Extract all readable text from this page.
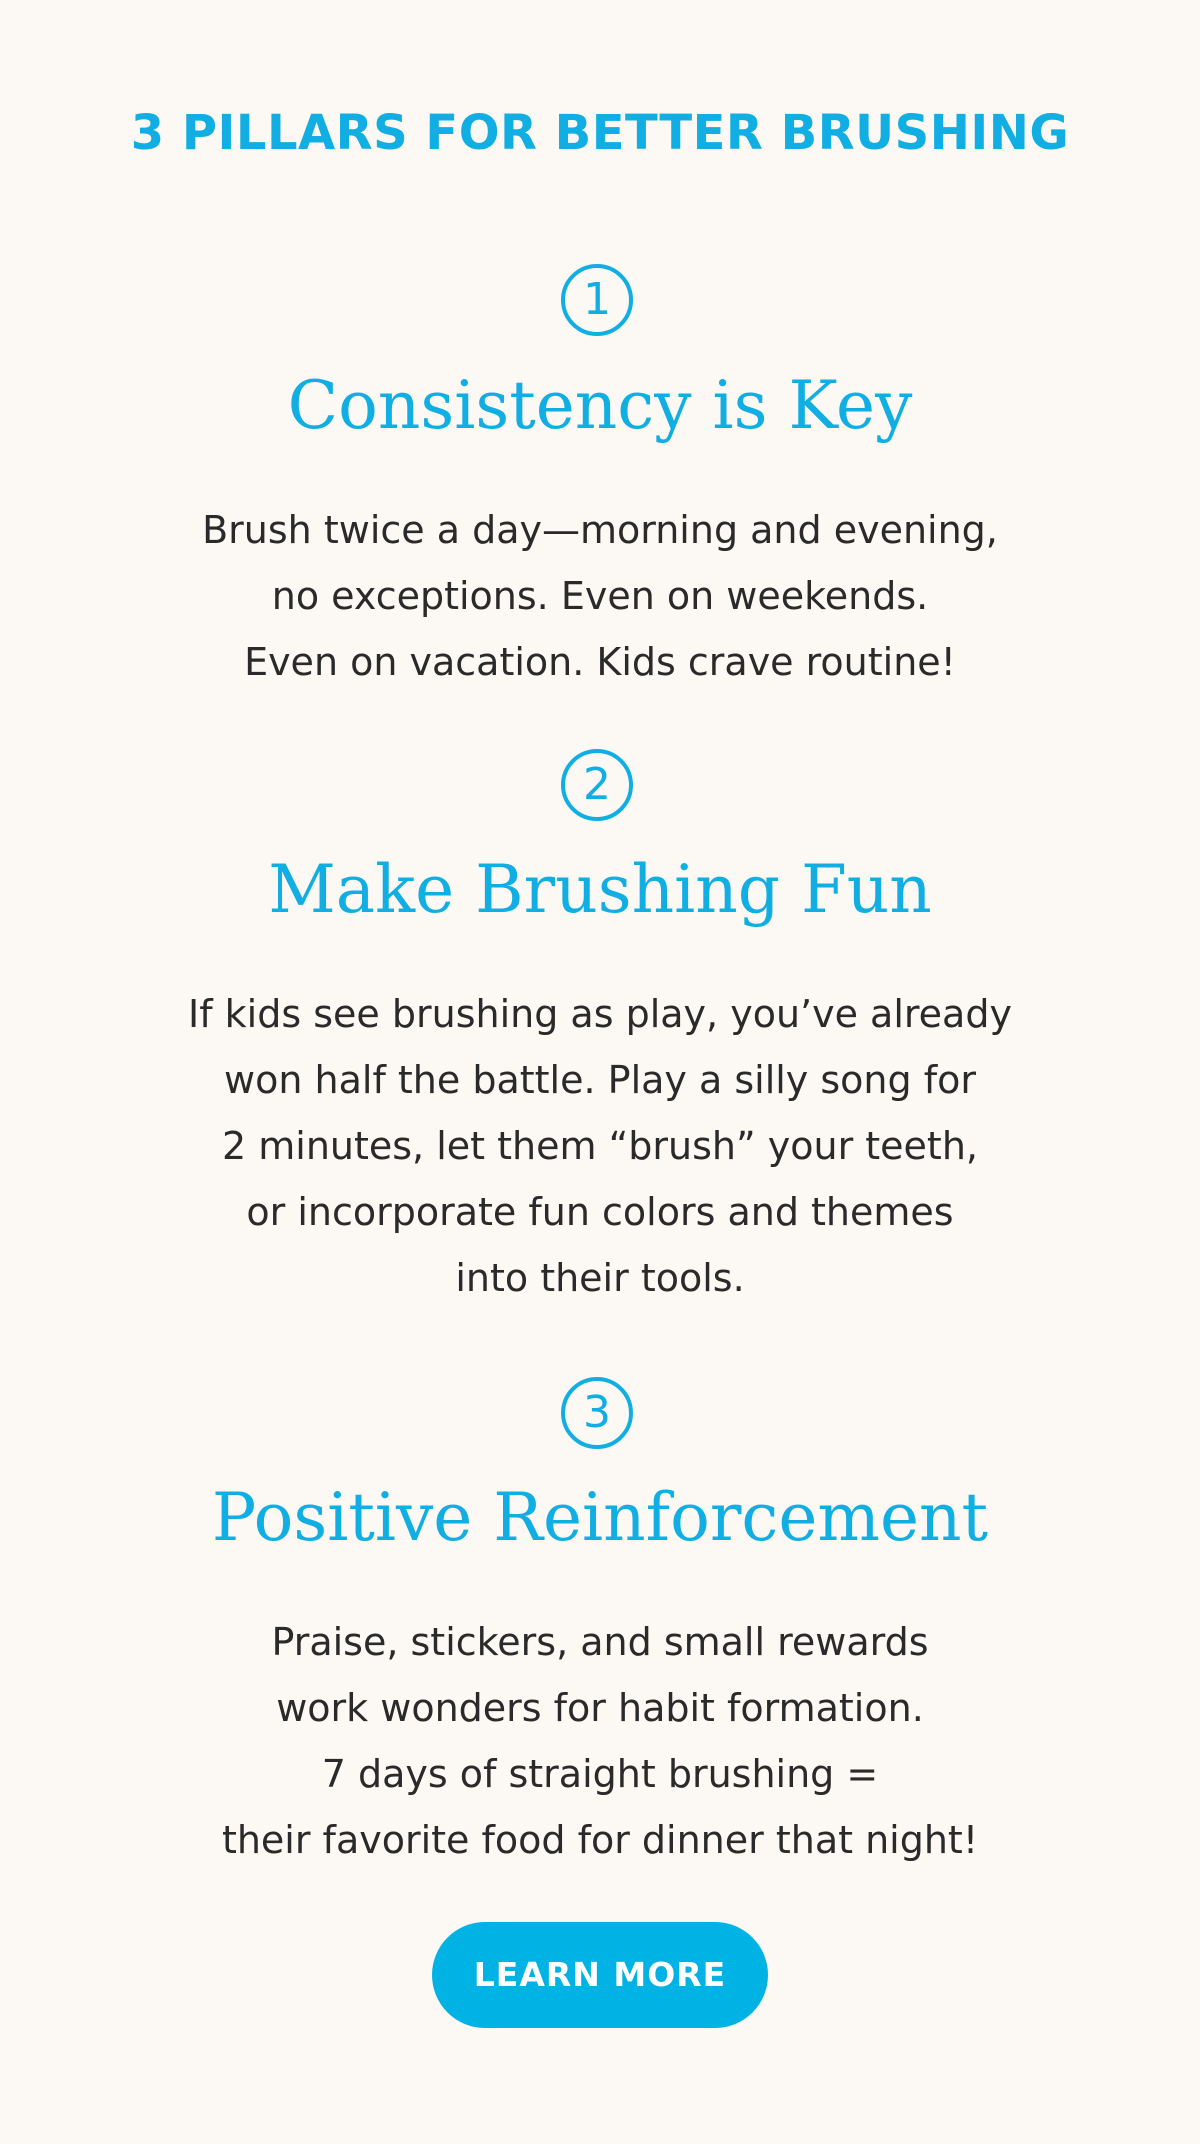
3 PILLARS FOR BETTER BRUSHING
1
Consistency is Key

Brush twice a day—morning and evening,
no exceptions. Even on weekends.
Even on vacation. Kids crave routine!

2
Make Brushing Fun

If kids see brushing as play, you’ve already
won half the battle. Play a silly song for
2 minutes, let them “brush” your teeth,
or incorporate fun colors and themes
into their tools.

3
Positive Reinforcement

Praise, stickers, and small rewards
work wonders for habit formation.
7 days of straight brushing =
their favorite food for dinner that night!

LEARN MORE
